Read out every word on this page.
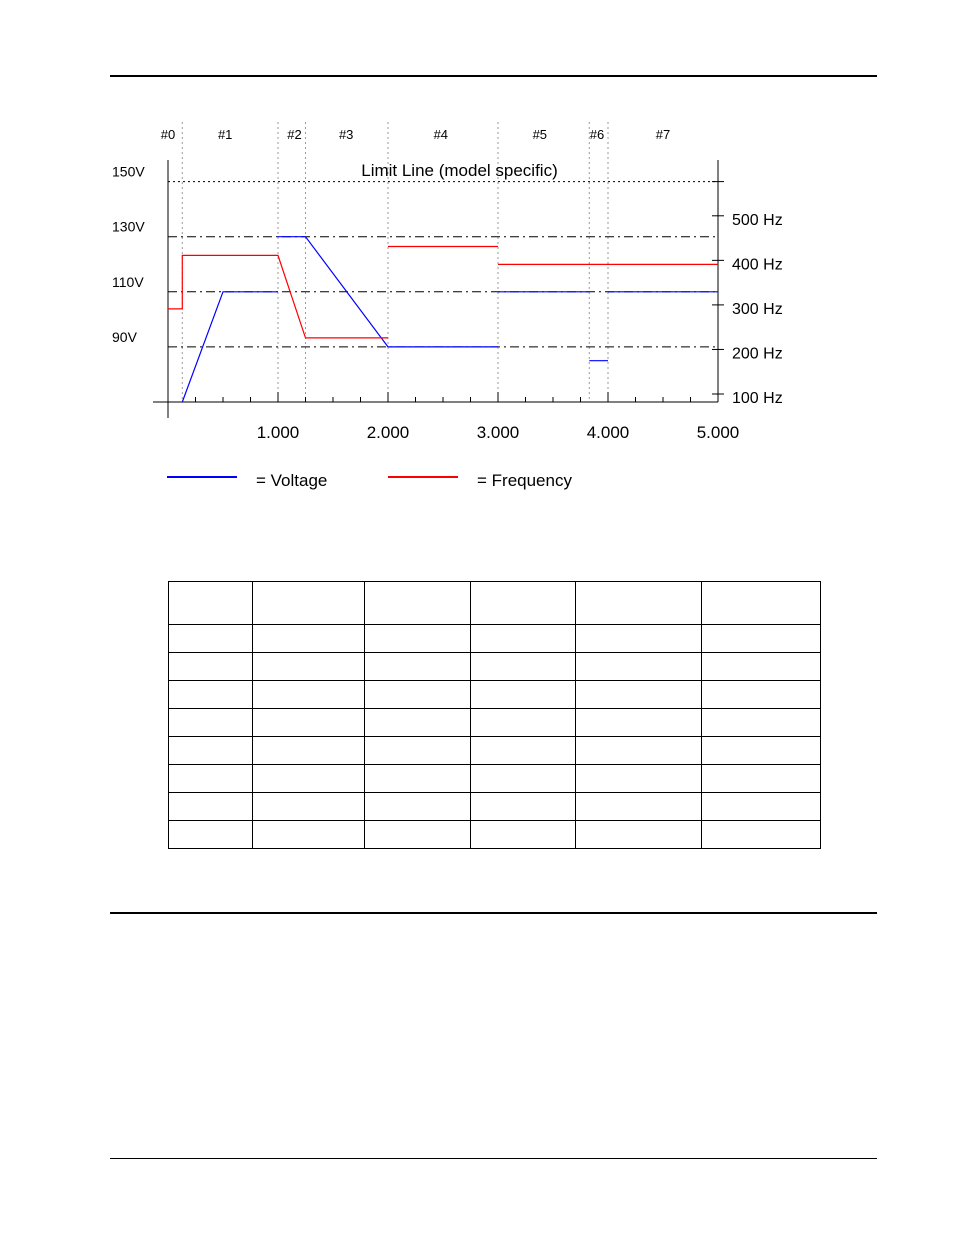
#0	#1	#2	#3	#4	#5	#6	#7
Limit Line (model specific)
1.000	2.000	3.000	4.000	5.000
150V
130V
110V
90V
500 Hz
400 Hz
300 Hz
200 Hz
100 Hz
= Voltage	= Frequency
